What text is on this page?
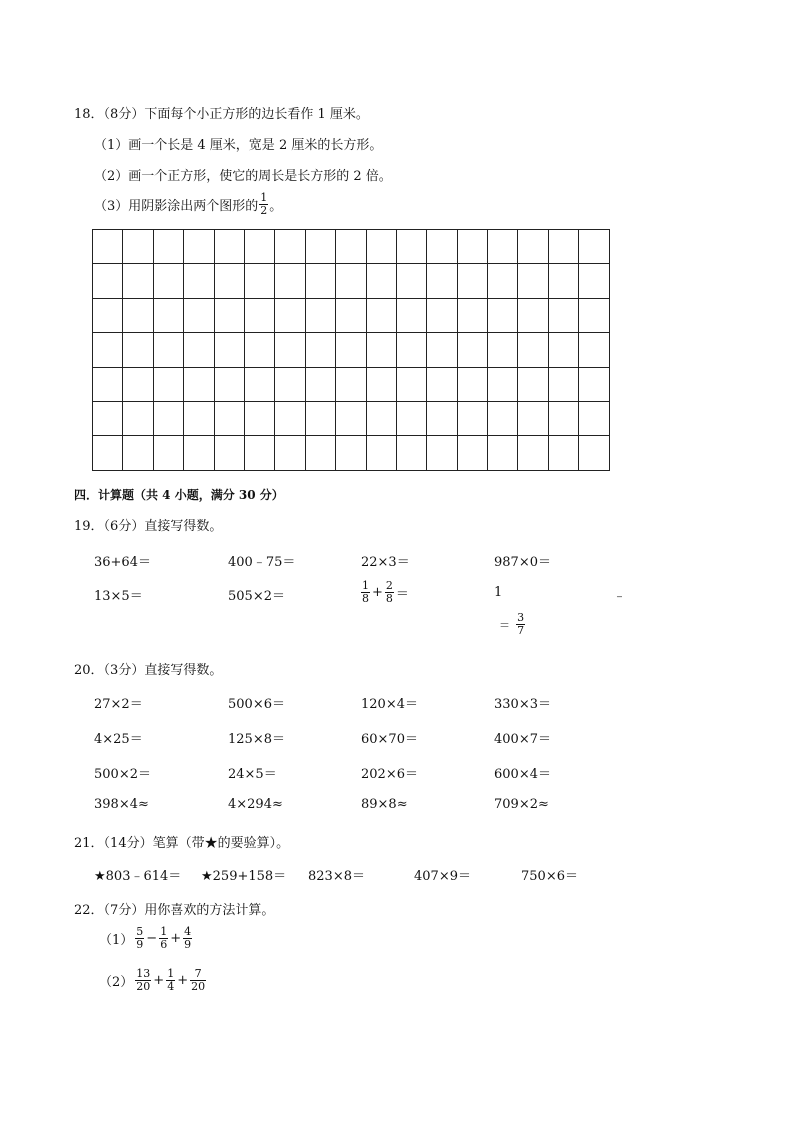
18．（8分）下面每个小正方形的边长看作 1 厘米。
（1）画一个长是 4 厘米，宽是 2 厘米的长方形。
（2）画一个正方形，使它的周长是长方形的 2 倍。
（3）用阴影涂出两个图形的 $\frac{1}{2}$ 。

四．计算题（共 4 小题，满分 30 分）
19．（6分）直接写得数。
36+64＝	400﹣75＝	22×3＝	987×0＝
13×5＝	505×2＝	$\frac{1}{8} + \frac{2}{8}$ ＝	1	﹣
＝ $\frac{3}{7}$
20．（3分）直接写得数。
27×2＝	500×6＝	120×4＝	330×3＝
4×25＝	125×8＝	60×70＝	400×7＝
500×2＝	24×5＝	202×6＝	600×4＝
398×4≈	4×294≈	89×8≈	709×2≈
21．（14分）笔算（带★的要验算）。
★803﹣614＝ ★259+158＝ 823×8＝	407×9＝	750×6＝
22．（7分）用你喜欢的方法计算。
$(1) \frac{5}{9} - \frac{1}{6} + \frac{4}{9}$
$(2) \frac{13}{20} + \frac{1}{4} + \frac{7}{20}$
